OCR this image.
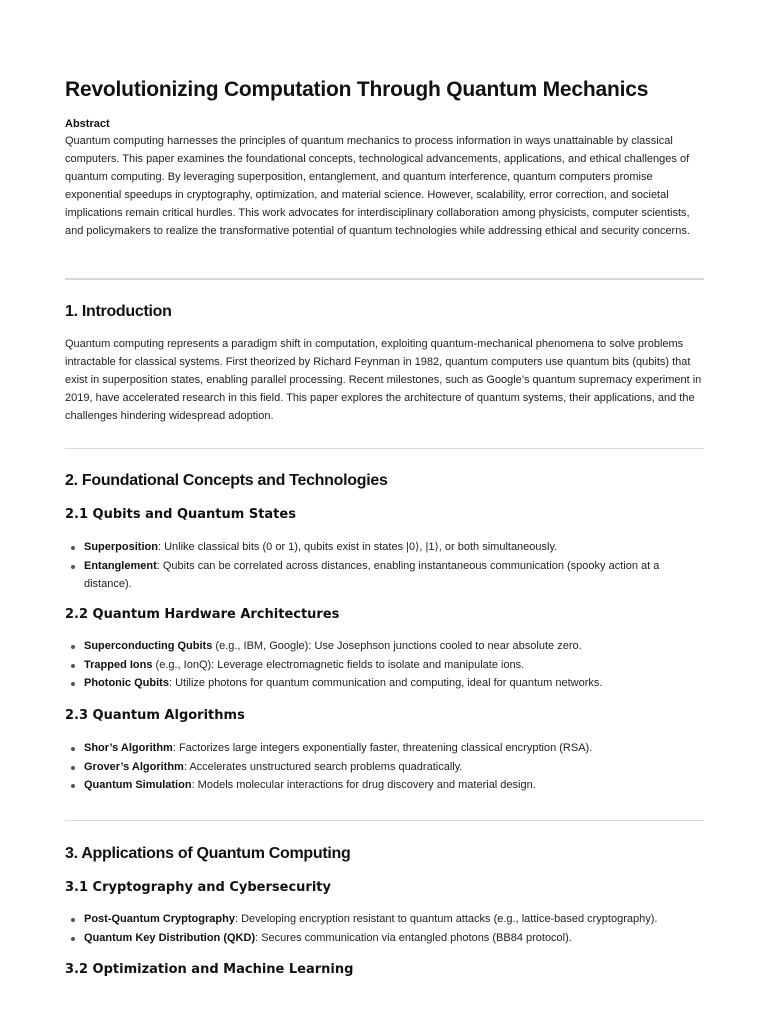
Revolutionizing Computation Through Quantum Mechanics
Abstract

Quantum computing harnesses the principles of quantum mechanics to process information in ways unattainable by classical computers. This paper examines the foundational concepts, technological advancements, applications, and ethical challenges of quantum computing. By leveraging superposition, entanglement, and quantum interference, quantum computers promise exponential speedups in cryptography, optimization, and material science. However, scalability, error correction, and societal implications remain critical hurdles. This work advocates for interdisciplinary collaboration among physicists, computer scientists, and policymakers to realize the transformative potential of quantum technologies while addressing ethical and security concerns.

1. Introduction

Quantum computing represents a paradigm shift in computation, exploiting quantum-mechanical phenomena to solve problems intractable for classical systems. First theorized by Richard Feynman in 1982, quantum computers use quantum bits (qubits) that exist in superposition states, enabling parallel processing. Recent milestones, such as Google’s quantum supremacy experiment in 2019, have accelerated research in this field. This paper explores the architecture of quantum systems, their applications, and the challenges hindering widespread adoption.

2. Foundational Concepts and Technologies
2.1 Qubits and Quantum States
Superposition: Unlike classical bits (0 or 1), qubits exist in states |0⟩, |1⟩, or both simultaneously.
Entanglement: Qubits can be correlated across distances, enabling instantaneous communication (spooky action at a distance).
2.2 Quantum Hardware Architectures
Superconducting Qubits (e.g., IBM, Google): Use Josephson junctions cooled to near absolute zero.
Trapped Ions (e.g., IonQ): Leverage electromagnetic fields to isolate and manipulate ions.
Photonic Qubits: Utilize photons for quantum communication and computing, ideal for quantum networks.
2.3 Quantum Algorithms
Shor’s Algorithm: Factorizes large integers exponentially faster, threatening classical encryption (RSA).
Grover’s Algorithm: Accelerates unstructured search problems quadratically.
Quantum Simulation: Models molecular interactions for drug discovery and material design.
3. Applications of Quantum Computing
3.1 Cryptography and Cybersecurity
Post-Quantum Cryptography: Developing encryption resistant to quantum attacks (e.g., lattice-based cryptography).
Quantum Key Distribution (QKD): Secures communication via entangled photons (BB84 protocol).
3.2 Optimization and Machine Learning
